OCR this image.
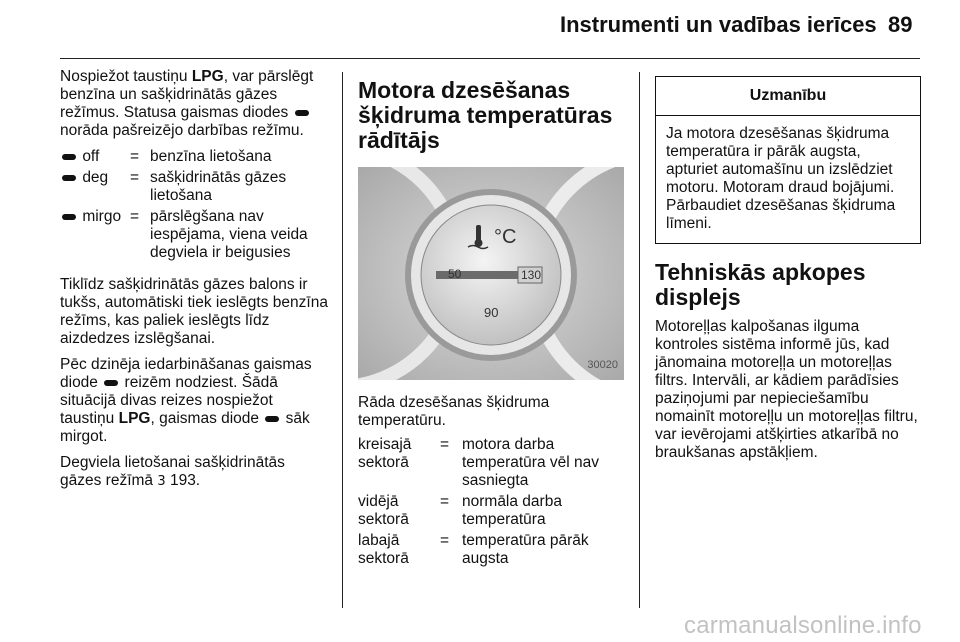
Instrumenti un vadības ierīces 89

Nospiežot taustiņu LPG, var pārslēgt benzīna un sašķidrinātās gāzes režīmus. Statusa gaismas diodes  norāda pašreizējo darbības režīmu.

off	= benzīna lietošana
deg	= sašķidrinātās gāzes lietošana
mirgo = pārslēgšana nav iespējama, viena veida degviela ir beigusies

Tiklīdz sašķidrinātās gāzes balons ir tukšs, automātiski tiek ieslēgts benzīna režīms, kas paliek ieslēgts līdz aizdedzes izslēgšanai.

Pēc dzinēja iedarbināšanas gaismas diode  reizēm nodziest. Šādā situācijā divas reizes nospiežot taustiņu LPG, gaismas diode  sāk mirgot.

Degviela lietošanai sašķidrinātās gāzes režīmā 3 193.

Motora dzesēšanas šķidruma temperatūras rādītājs
°C
50	130
90
30020

Rāda dzesēšanas šķidruma temperatūru.

kreisajā sektorā
= motora darba temperatūra vēl nav sasniegta
vidējā sektorā
= normāla darba temperatūra
labajā sektorā
= temperatūra pārāk augsta
Uzmanību
Ja motora dzesēšanas šķidruma temperatūra ir pārāk augsta, apturiet automašīnu un izslēdziet motoru. Motoram draud bojājumi. Pārbaudiet dzesēšanas šķidruma līmeni.
Tehniskās apkopes displejs

Motoreļļas kalpošanas ilguma kontroles sistēma informē jūs, kad jānomaina motoreļļa un motoreļļas filtrs. Intervāli, ar kādiem parādīsies paziņojumi par nepieciešamību nomainīt motoreļļu un motoreļļas filtru, var ievērojami atšķirties atkarībā no braukšanas apstākļiem.

carmanualsonline.info
